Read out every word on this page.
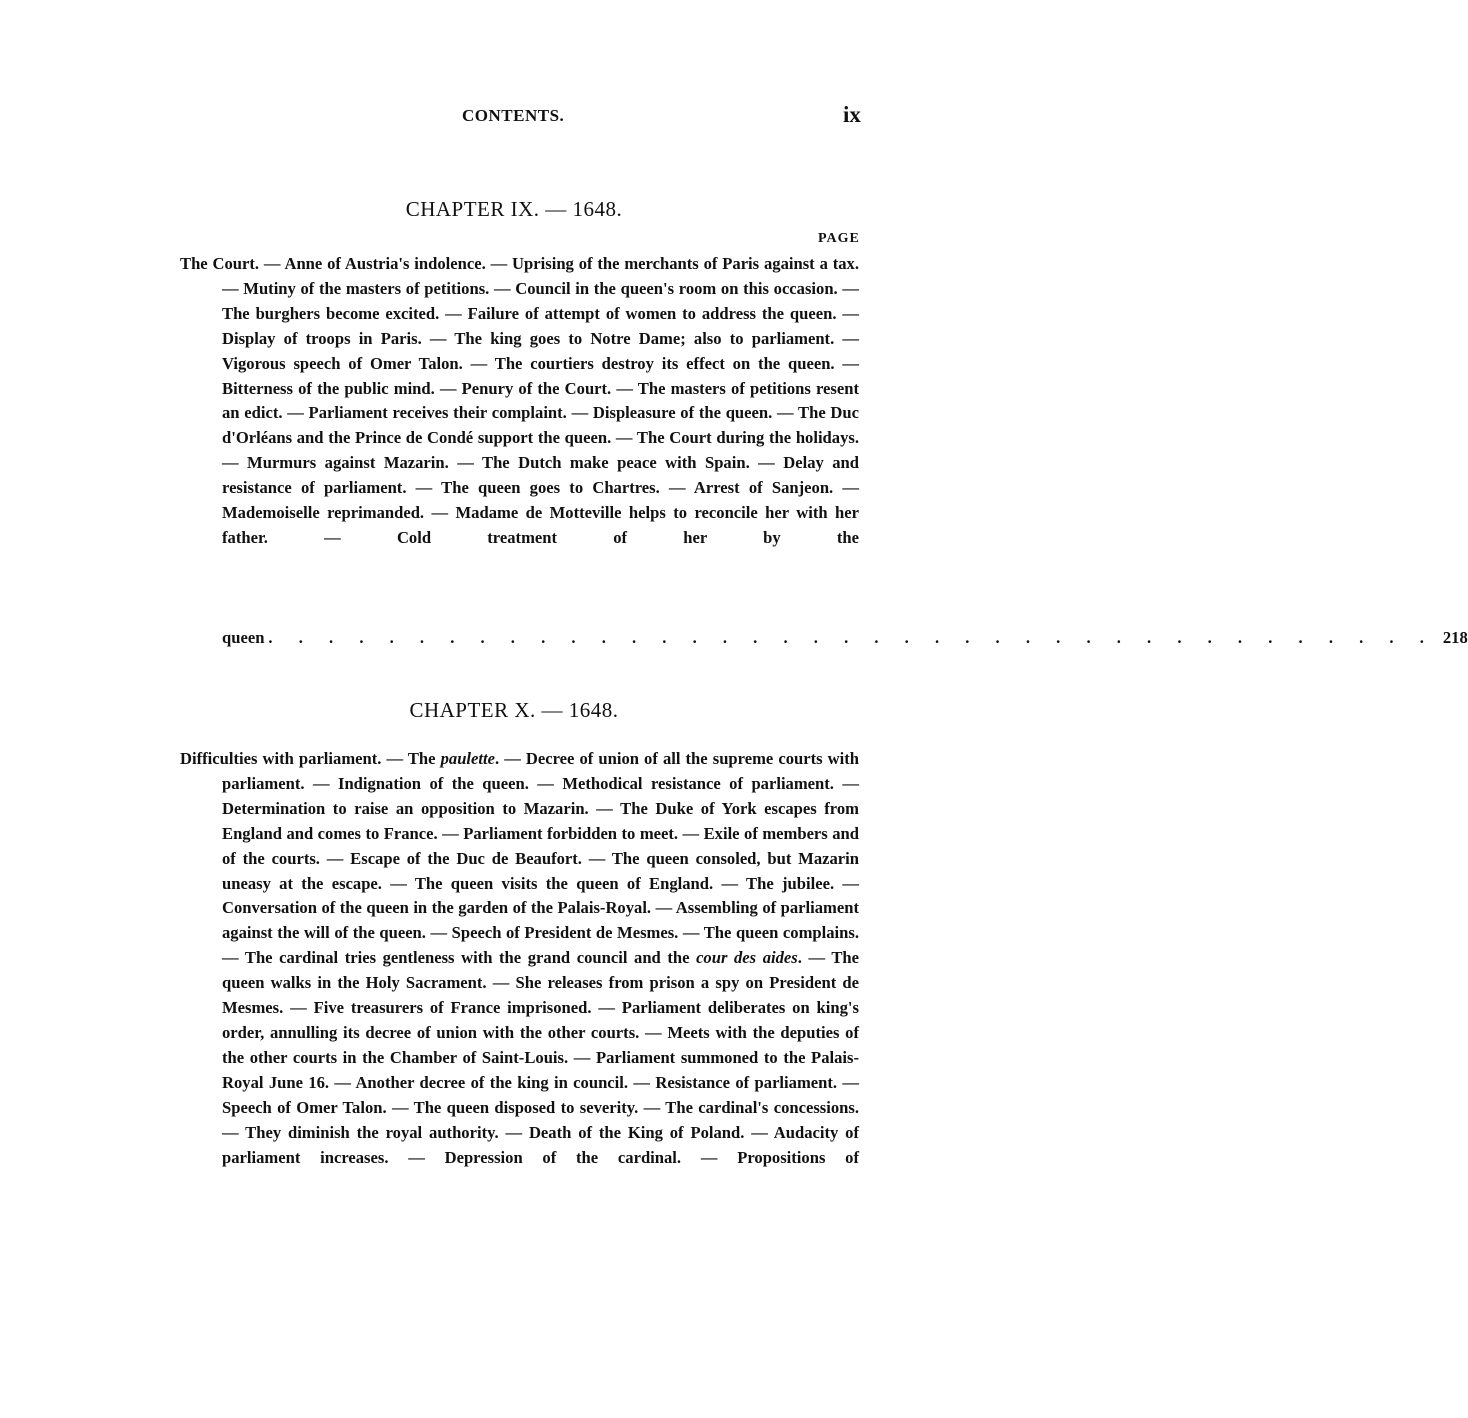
CONTENTS.	ix
CHAPTER IX. — 1648.
PAGE
The Court. — Anne of Austria's indolence. — Uprising of the merchants of Paris against a tax. — Mutiny of the masters of petitions. — Council in the queen's room on this occasion. — The burghers become excited. — Failure of attempt of women to address the queen. — Display of troops in Paris. — The king goes to Notre Dame; also to parliament. — Vigorous speech of Omer Talon. — The courtiers destroy its effect on the queen. — Bitterness of the public mind. — Penury of the Court. — The masters of petitions resent an edict. — Parliament receives their complaint. — Displeasure of the queen. — The Duc d'Orléans and the Prince de Condé support the queen. — The Court during the holidays. — Murmurs against Mazarin. — The Dutch make peace with Spain. — Delay and resistance of parliament. — The queen goes to Chartres. — Arrest of Sanjeon. — Mademoiselle reprimanded. — Madame de Motteville helps to reconcile her with her father. — Cold treatment of her by the
queen . . . . . . . . . . . . . . . . . . . . . . . . . . . . . . . . . . . . . . . 218
CHAPTER X. — 1648.
Difficulties with parliament. — The paulette. — Decree of union of all the supreme courts with parliament. — Indignation of the queen. — Methodical resistance of parliament. — Determination to raise an opposition to Mazarin. — The Duke of York escapes from England and comes to France. — Parliament forbidden to meet. — Exile of members and of the courts. — Escape of the Duc de Beaufort. — The queen consoled, but Mazarin uneasy at the escape. — The queen visits the queen of England. — The jubilee. — Conversation of the queen in the garden of the Palais-Royal. — Assembling of parliament against the will of the queen. — Speech of President de Mesmes. — The queen complains. — The cardinal tries gentleness with the grand council and the cour des aides. — The queen walks in the Holy Sacrament. — She releases from prison a spy on President de Mesmes. — Five treasurers of France imprisoned. — Parliament deliberates on king's order, annulling its decree of union with the other courts. — Meets with the deputies of the other courts in the Chamber of Saint-Louis. — Parliament summoned to the Palais-Royal June 16. — Another decree of the king in council. — Resistance of parliament. — Speech of Omer Talon. — The queen disposed to severity. — The cardinal's concessions. — They diminish the royal authority. — Death of the King of Poland. — Audacity of parliament increases. — Depression of the cardinal. — Propositions of
